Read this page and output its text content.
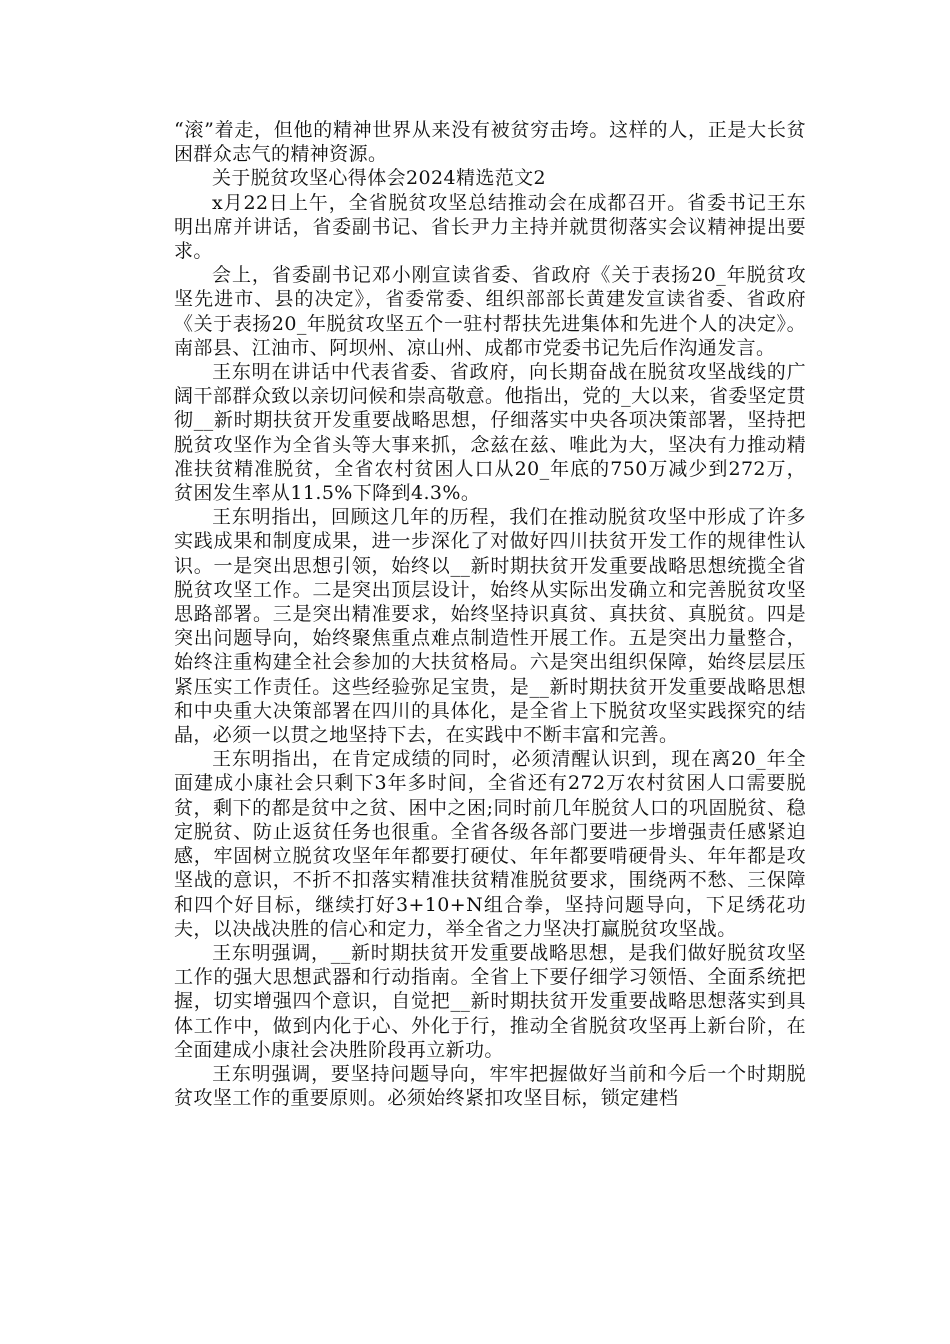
“滚”着走，但他的精神世界从来没有被贫穷击垮。这样的人，正是大长贫困群众志气的精神资源。

关于脱贫攻坚心得体会2024精选范文2

x月22日上午，全省脱贫攻坚总结推动会在成都召开。省委书记王东明出席并讲话，省委副书记、省长尹力主持并就贯彻落实会议精神提出要求。

会上，省委副书记邓小刚宣读省委、省政府《关于表扬20_年脱贫攻坚先进市、县的决定》，省委常委、组织部部长黄建发宣读省委、省政府《关于表扬20_年脱贫攻坚五个一驻村帮扶先进集体和先进个人的决定》。南部县、江油市、阿坝州、凉山州、成都市党委书记先后作沟通发言。

王东明在讲话中代表省委、省政府，向长期奋战在脱贫攻坚战线的广阔干部群众致以亲切问候和崇高敬意。他指出，党的_大以来，省委坚定贯彻__新时期扶贫开发重要战略思想，仔细落实中央各项决策部署，坚持把脱贫攻坚作为全省头等大事来抓，念兹在兹、唯此为大，坚决有力推动精准扶贫精准脱贫，全省农村贫困人口从20_年底的750万减少到272万，贫困发生率从11.5%下降到4.3%。

王东明指出，回顾这几年的历程，我们在推动脱贫攻坚中形成了许多实践成果和制度成果，进一步深化了对做好四川扶贫开发工作的规律性认识。一是突出思想引领，始终以__新时期扶贫开发重要战略思想统揽全省脱贫攻坚工作。二是突出顶层设计，始终从实际出发确立和完善脱贫攻坚思路部署。三是突出精准要求，始终坚持识真贫、真扶贫、真脱贫。四是突出问题导向，始终聚焦重点难点制造性开展工作。五是突出力量整合，始终注重构建全社会参加的大扶贫格局。六是突出组织保障，始终层层压紧压实工作责任。这些经验弥足宝贵，是__新时期扶贫开发重要战略思想和中央重大决策部署在四川的具体化，是全省上下脱贫攻坚实践探究的结晶，必须一以贯之地坚持下去，在实践中不断丰富和完善。

王东明指出，在肯定成绩的同时，必须清醒认识到，现在离20_年全面建成小康社会只剩下3年多时间，全省还有272万农村贫困人口需要脱贫，剩下的都是贫中之贫、困中之困;同时前几年脱贫人口的巩固脱贫、稳定脱贫、防止返贫任务也很重。全省各级各部门要进一步增强责任感紧迫感，牢固树立脱贫攻坚年年都要打硬仗、年年都要啃硬骨头、年年都是攻坚战的意识，不折不扣落实精准扶贫精准脱贫要求，围绕两不愁、三保障和四个好目标，继续打好3+10+N组合拳，坚持问题导向，下足绣花功夫，以决战决胜的信心和定力，举全省之力坚决打赢脱贫攻坚战。

王东明强调，__新时期扶贫开发重要战略思想，是我们做好脱贫攻坚工作的强大思想武器和行动指南。全省上下要仔细学习领悟、全面系统把握，切实增强四个意识，自觉把__新时期扶贫开发重要战略思想落实到具体工作中，做到内化于心、外化于行，推动全省脱贫攻坚再上新台阶，在全面建成小康社会决胜阶段再立新功。

王东明强调，要坚持问题导向，牢牢把握做好当前和今后一个时期脱贫攻坚工作的重要原则。必须始终紧扣攻坚目标，锁定建档
